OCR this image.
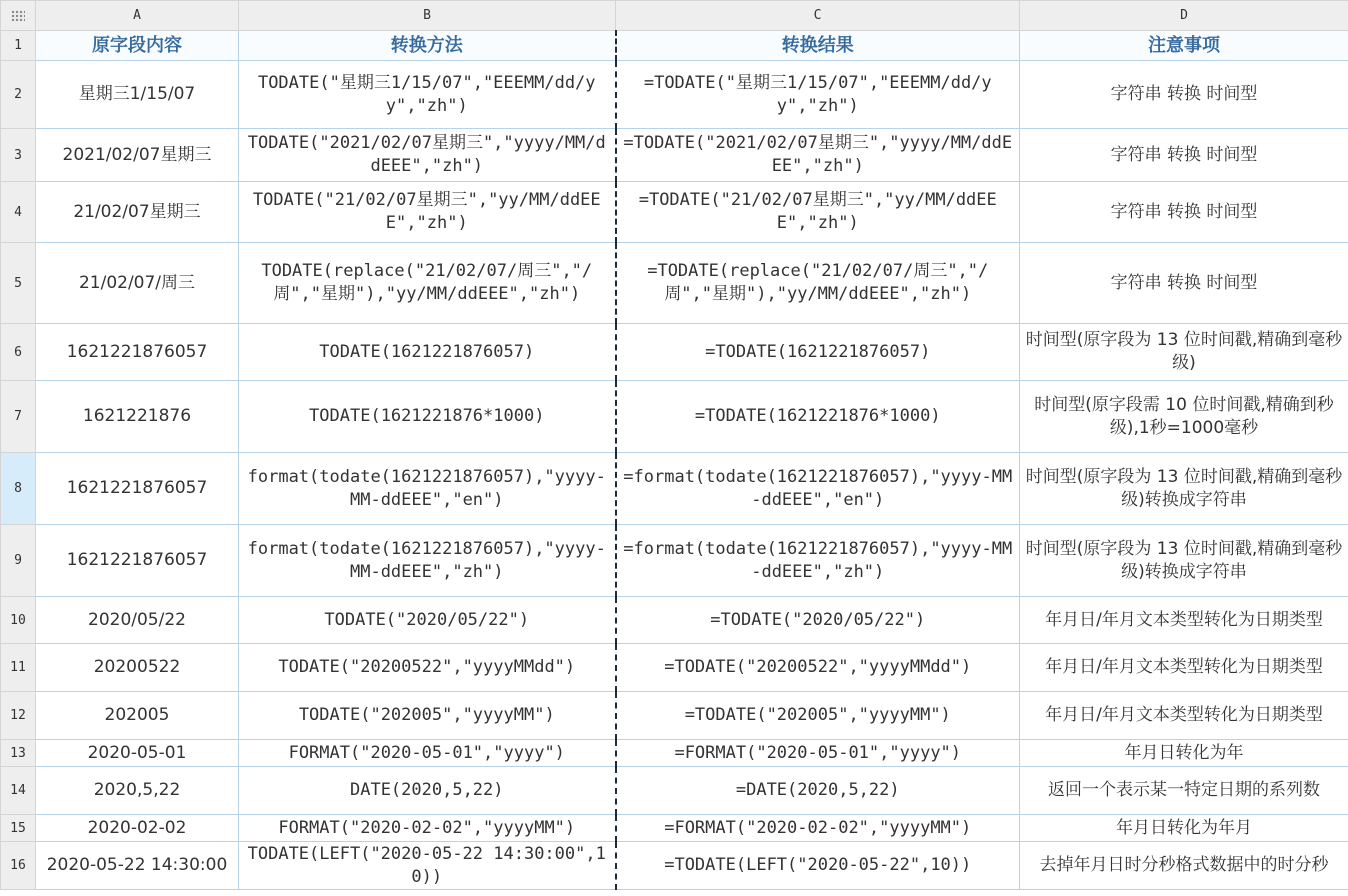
	A	B	C	D
1	原字段内容	转换方法	转换结果	注意事项
2	星期三1/15/07	TODATE("星期三1/15/07","EEEMM/dd/yy","zh")	=TODATE("星期三1/15/07","EEEMM/dd/yy","zh")	字符串 转换 时间型
3	2021/02/07星期三	TODATE("2021/02/07星期三","yyyy/MM/ddEEE","zh")	=TODATE("2021/02/07星期三","yyyy/MM/ddEEE","zh")	字符串 转换 时间型
4	21/02/07星期三	TODATE("21/02/07星期三","yy/MM/ddEEE","zh")	=TODATE("21/02/07星期三","yy/MM/ddEEE","zh")	字符串 转换 时间型
5	21/02/07/周三	TODATE(replace("21/02/07/周三","/周","星期"),"yy/MM/ddEEE","zh")	=TODATE(replace("21/02/07/周三","/周","星期"),"yy/MM/ddEEE","zh")	字符串 转换 时间型
6	1621221876057	TODATE(1621221876057)	=TODATE(1621221876057)	时间型(原字段为 13 位时间戳,精确到毫秒级)
7	1621221876	TODATE(1621221876*1000)	=TODATE(1621221876*1000)	时间型(原字段需 10 位时间戳,精确到秒级),1秒=1000毫秒
8	1621221876057	format(todate(1621221876057),"yyyy-MM-ddEEE","en")	=format(todate(1621221876057),"yyyy-MM-ddEEE","en")	时间型(原字段为 13 位时间戳,精确到毫秒级)转换成字符串
9	1621221876057	format(todate(1621221876057),"yyyy-MM-ddEEE","zh")	=format(todate(1621221876057),"yyyy-MM-ddEEE","zh")	时间型(原字段为 13 位时间戳,精确到毫秒级)转换成字符串
10	2020/05/22	TODATE("2020/05/22")	=TODATE("2020/05/22")	年月日/年月文本类型转化为日期类型
11	20200522	TODATE("20200522","yyyyMMdd")	=TODATE("20200522","yyyyMMdd")	年月日/年月文本类型转化为日期类型
12	202005	TODATE("202005","yyyyMM")	=TODATE("202005","yyyyMM")	年月日/年月文本类型转化为日期类型
13	2020-05-01	FORMAT("2020-05-01","yyyy")	=FORMAT("2020-05-01","yyyy")	年月日转化为年
14	2020,5,22	DATE(2020,5,22)	=DATE(2020,5,22)	返回一个表示某一特定日期的系列数
15	2020-02-02	FORMAT("2020-02-02","yyyyMM")	=FORMAT("2020-02-02","yyyyMM")	年月日转化为年月
16	2020-05-22 14:30:00	TODATE(LEFT("2020-05-22 14:30:00",10))	=TODATE(LEFT("2020-05-22",10))	去掉年月日时分秒格式数据中的时分秒
